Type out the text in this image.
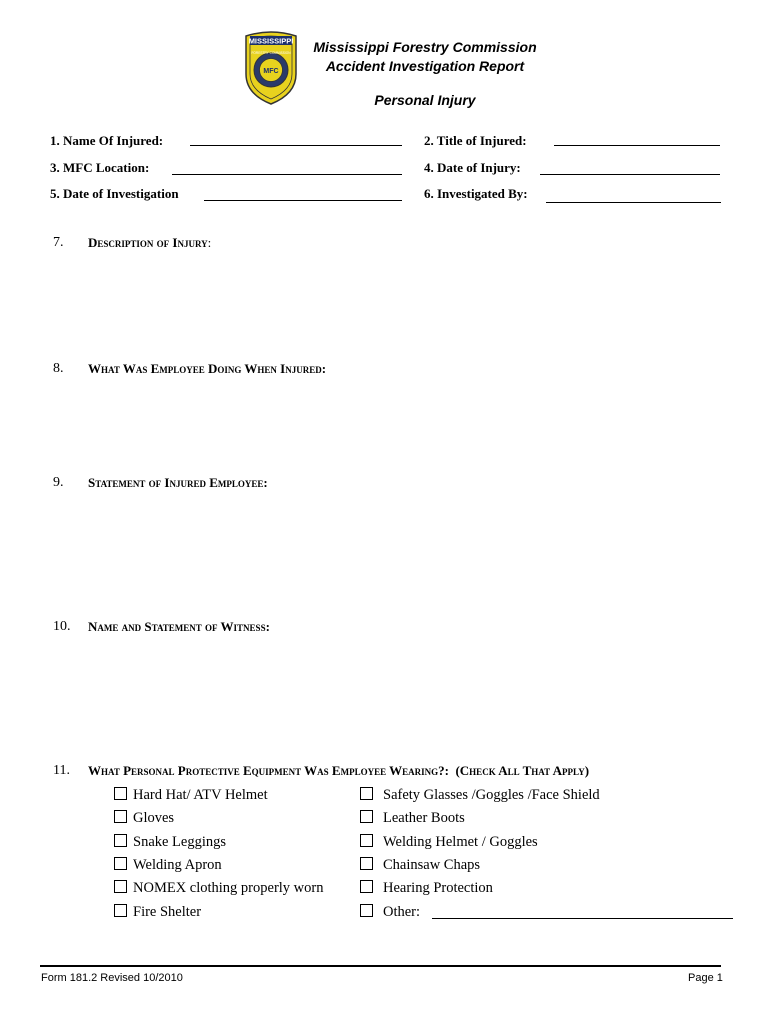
MISSISSIPPI
FORESTRY COMMISSION
MFC
Mississippi Forestry Commission
Accident Investigation Report
Personal Injury
1. Name Of Injured:	2. Title of Injured:
3. MFC Location:	4. Date of Injury:
5. Date of Investigation	6. Investigated By:
7. Description of Injury:
8. What Was Employee Doing When Injured:
9. Statement of Injured Employee:
10. Name and Statement of Witness:
11. What Personal Protective Equipment Was Employee Wearing?: (Check All That Apply)
Hard Hat/ ATV Helmet
Gloves
Snake Leggings
Welding Apron
NOMEX clothing properly worn
Fire Shelter
Safety Glasses /Goggles /Face Shield
Leather Boots
Welding Helmet / Goggles
Chainsaw Chaps
Hearing Protection
Other:
Form 181.2 Revised 10/2010	Page 1
